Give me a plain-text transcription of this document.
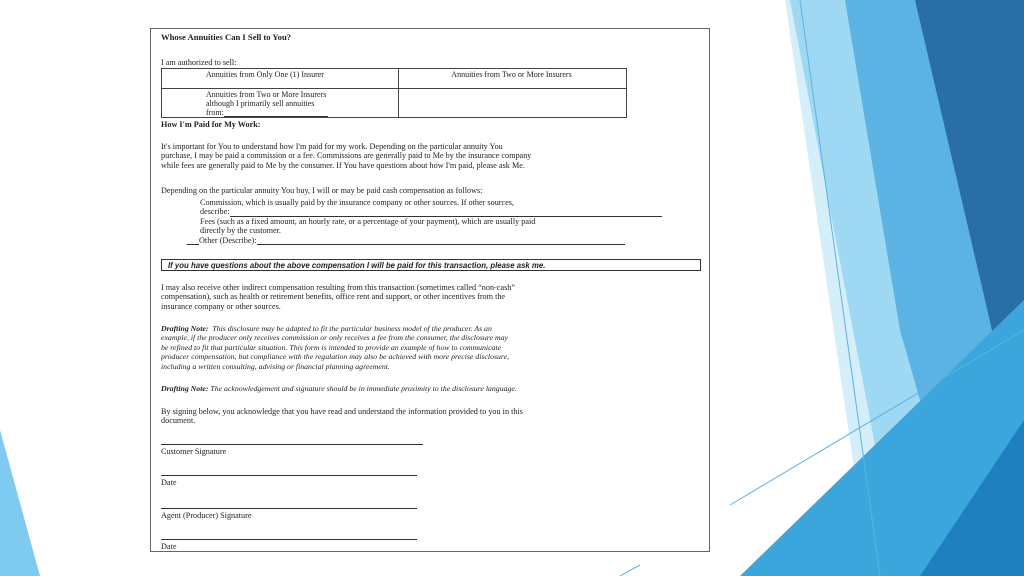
Whose Annuities Can I Sell to You?
I am authorized to sell:
Annuities from Only One (1) Insurer	Annuities from Two or More Insurers

Annuities from Two or More Insurers
although I primarily sell annuities
from:	

How I'm Paid for My Work:
It's important for You to understand how I'm paid for my work. Depending on the particular annuity You
purchase, I may be paid a commission or a fee. Commissions are generally paid to Me by the insurance company
while fees are generally paid to Me by the consumer. If You have questions about how I'm paid, please ask Me.
Depending on the particular annuity You buy, I will or may be paid cash compensation as follows:
Commission, which is usually paid by the insurance company or other sources. If other sources,
describe:
Fees (such as a fixed amount, an hourly rate, or a percentage of your payment), which are usually paid
directly by the customer.
Other (Describe):
If you have questions about the above compensation I will be paid for this transaction, please ask me.
I may also receive other indirect compensation resulting from this transaction (sometimes called “non-cash”
compensation), such as health or retirement benefits, office rent and support, or other incentives from the
insurance company or other sources.
Drafting Note: This disclosure may be adapted to fit the particular business model of the producer. As an
example, if the producer only receives commission or only receives a fee from the consumer, the disclosure may
be refined to fit that particular situation. This form is intended to provide an example of how to communicate
producer compensation, but compliance with the regulation may also be achieved with more precise disclosure,
including a written consulting, advising or financial planning agreement.
Drafting Note: The acknowledgement and signature should be in immediate proximity to the disclosure language.
By signing below, you acknowledge that you have read and understand the information provided to you in this
document.
Customer Signature
Date
Agent (Producer) Signature
Date
